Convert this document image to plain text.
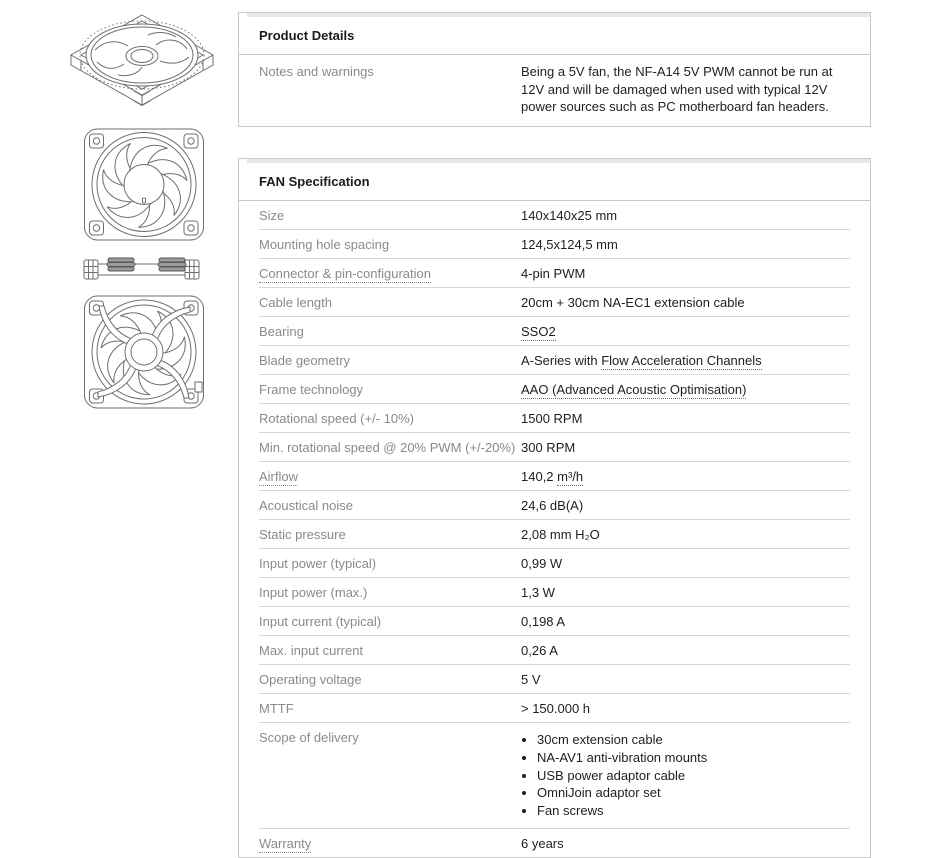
Product Details
Notes and warnings	Being a 5V fan, the NF-A14 5V PWM cannot be run at 12V and will be damaged when used with typical 12V power sources such as PC motherboard fan headers.
FAN Specification
Size	140x140x25 mm
Mounting hole spacing	124,5x124,5 mm
Connector & pin-configuration	4-pin PWM
Cable length	20cm + 30cm NA-EC1 extension cable
Bearing	SSO2
Blade geometry	A-Series with Flow Acceleration Channels
Frame technology	AAO (Advanced Acoustic Optimisation)
Rotational speed (+/- 10%)	1500 RPM
Min. rotational speed @ 20% PWM (+/-20%) 300 RPM
Airflow	140,2 m³/h
Acoustical noise	24,6 dB(A)
Static pressure	2,08 mm H₂O
Input power (typical)	0,99 W
Input power (max.)	1,3 W
Input current (typical)	0,198 A
Max. input current	0,26 A
Operating voltage	5 V
MTTF	> 150.000 h
Scope of delivery	• 30cm extension cable
• NA-AV1 anti-vibration mounts
• USB power adaptor cable
• OmniJoin adaptor set
• Fan screws
Warranty	6 years
